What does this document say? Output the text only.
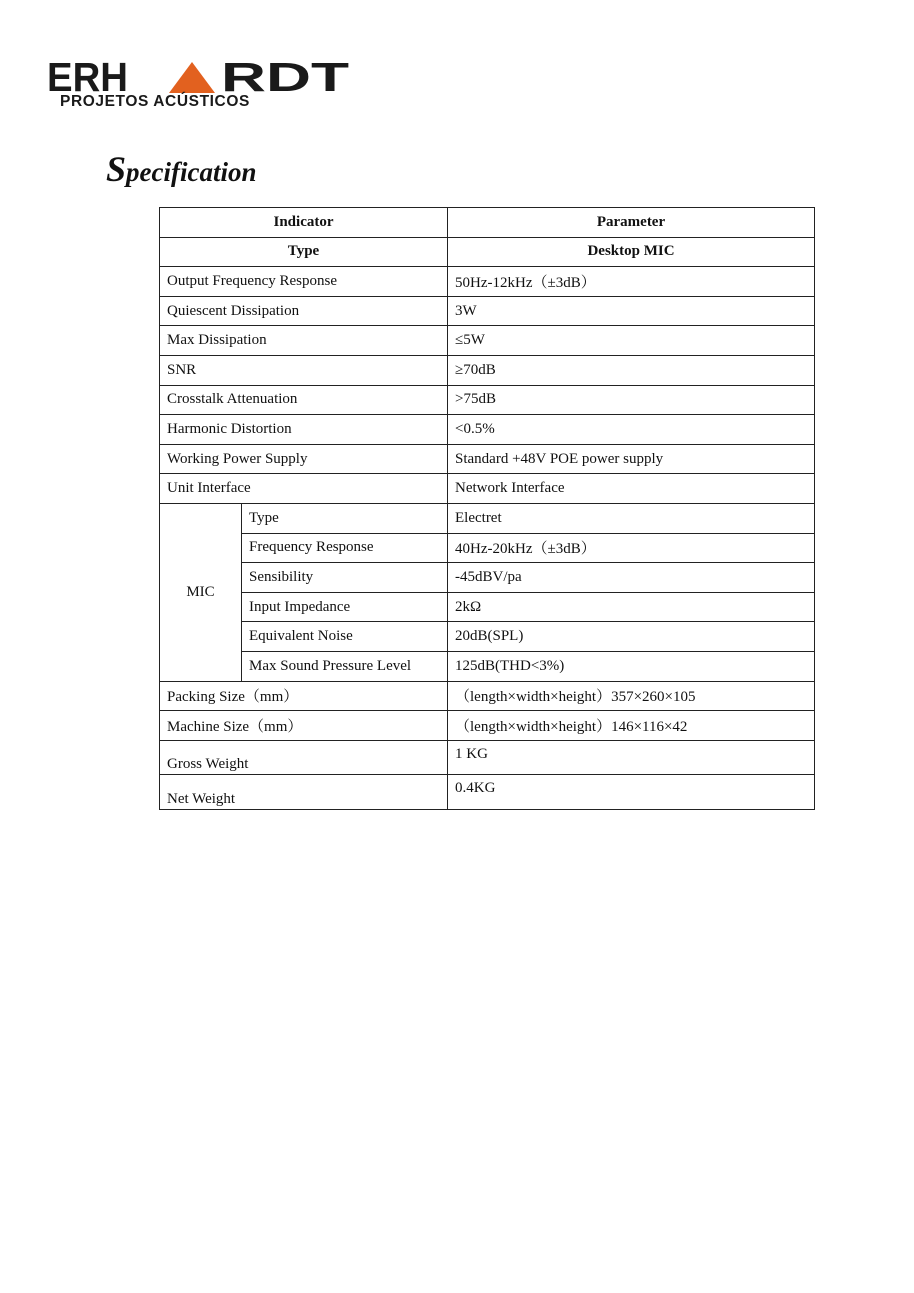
ERH R D T
PROJETOS ACÚSTICOS
Specification
Indicator		Parameter
Type		Desktop MIC
Output Frequency Response		50Hz-12kHz（±3dB）
Quiescent Dissipation		3W
Max Dissipation		≤5W
SNR		≥70dB
Crosstalk Attenuation		>75dB
Harmonic Distortion		<0.5%
Working Power Supply		Standard +48V POE power supply
Unit Interface		Network Interface
MIC	Type	Electret
	Frequency Response	40Hz-20kHz（±3dB）
	Sensibility	-45dBV/pa
	Input Impedance	2kΩ
	Equivalent Noise	20dB(SPL)
	Max Sound Pressure Level	125dB(THD<3%)
Packing Size（mm）		（length×width×height）357×260×105
Machine Size（mm）		（length×width×height）146×116×42
Gross Weight		1 KG
Net Weight		0.4KG
